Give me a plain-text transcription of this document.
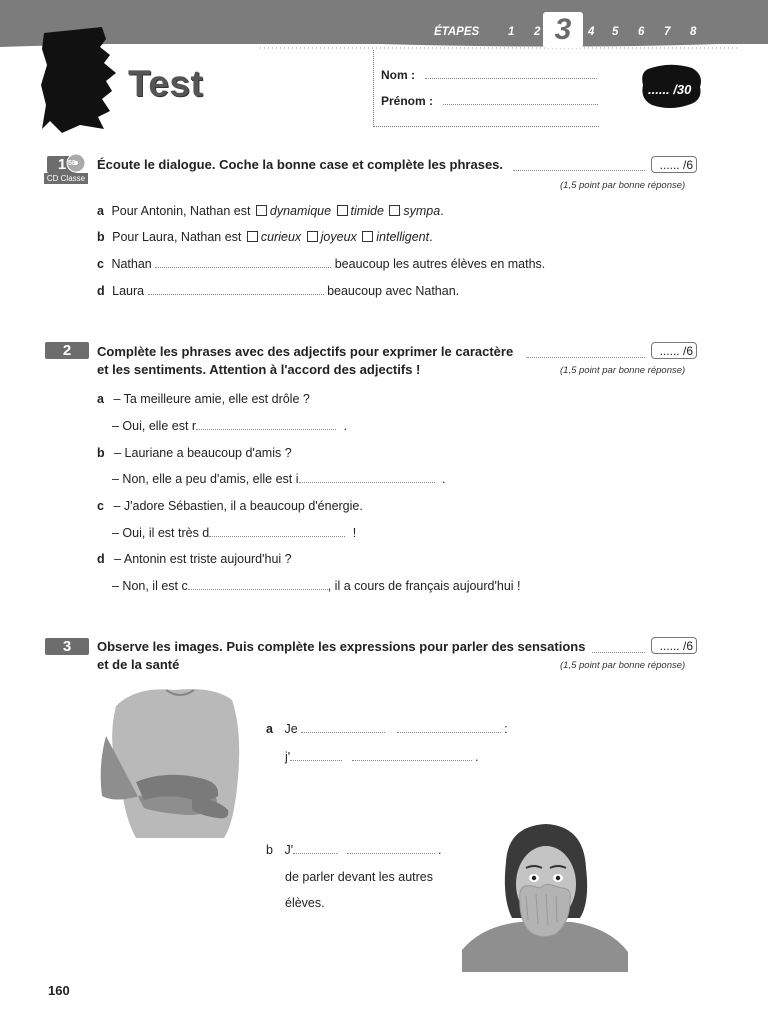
ÉTAPES	1 2	4 5 6 7 8
3
Test	Nom :
Prénom :
...... /30
1 58
CD Classe
Écoute le dialogue. Coche la bonne case et complète les phrases.	...... /6
(1,5 point par bonne réponse)
a Pour Antonin, Nathan est dynamique timide sympa.
b Pour Laura, Nathan est curieux joyeux intelligent.
c Nathan	beaucoup les autres élèves en maths.
d Laura	beaucoup avec Nathan.
2	Complète les phrases avec des adjectifs pour exprimer le caractère
et les sentiments. Attention à l'accord des adjectifs !
...... /6
(1,5 point par bonne réponse)
a – Ta meilleure amie, elle est drôle ?
– Oui, elle est r	.
b – Lauriane a beaucoup d'amis ?
– Non, elle a peu d'amis, elle est i	.
c – J'adore Sébastien, il a beaucoup d'énergie.
– Oui, il est très d	!
d – Antonin est triste aujourd'hui ?
– Non, il est c	, il a cours de français aujourd'hui !
3	Observe les images. Puis complète les expressions pour parler des sensations
et de la santé
...... /6
(1,5 point par bonne réponse)
a Je	:
j'	.
b J'	.
de parler devant les autres
élèves.
160
